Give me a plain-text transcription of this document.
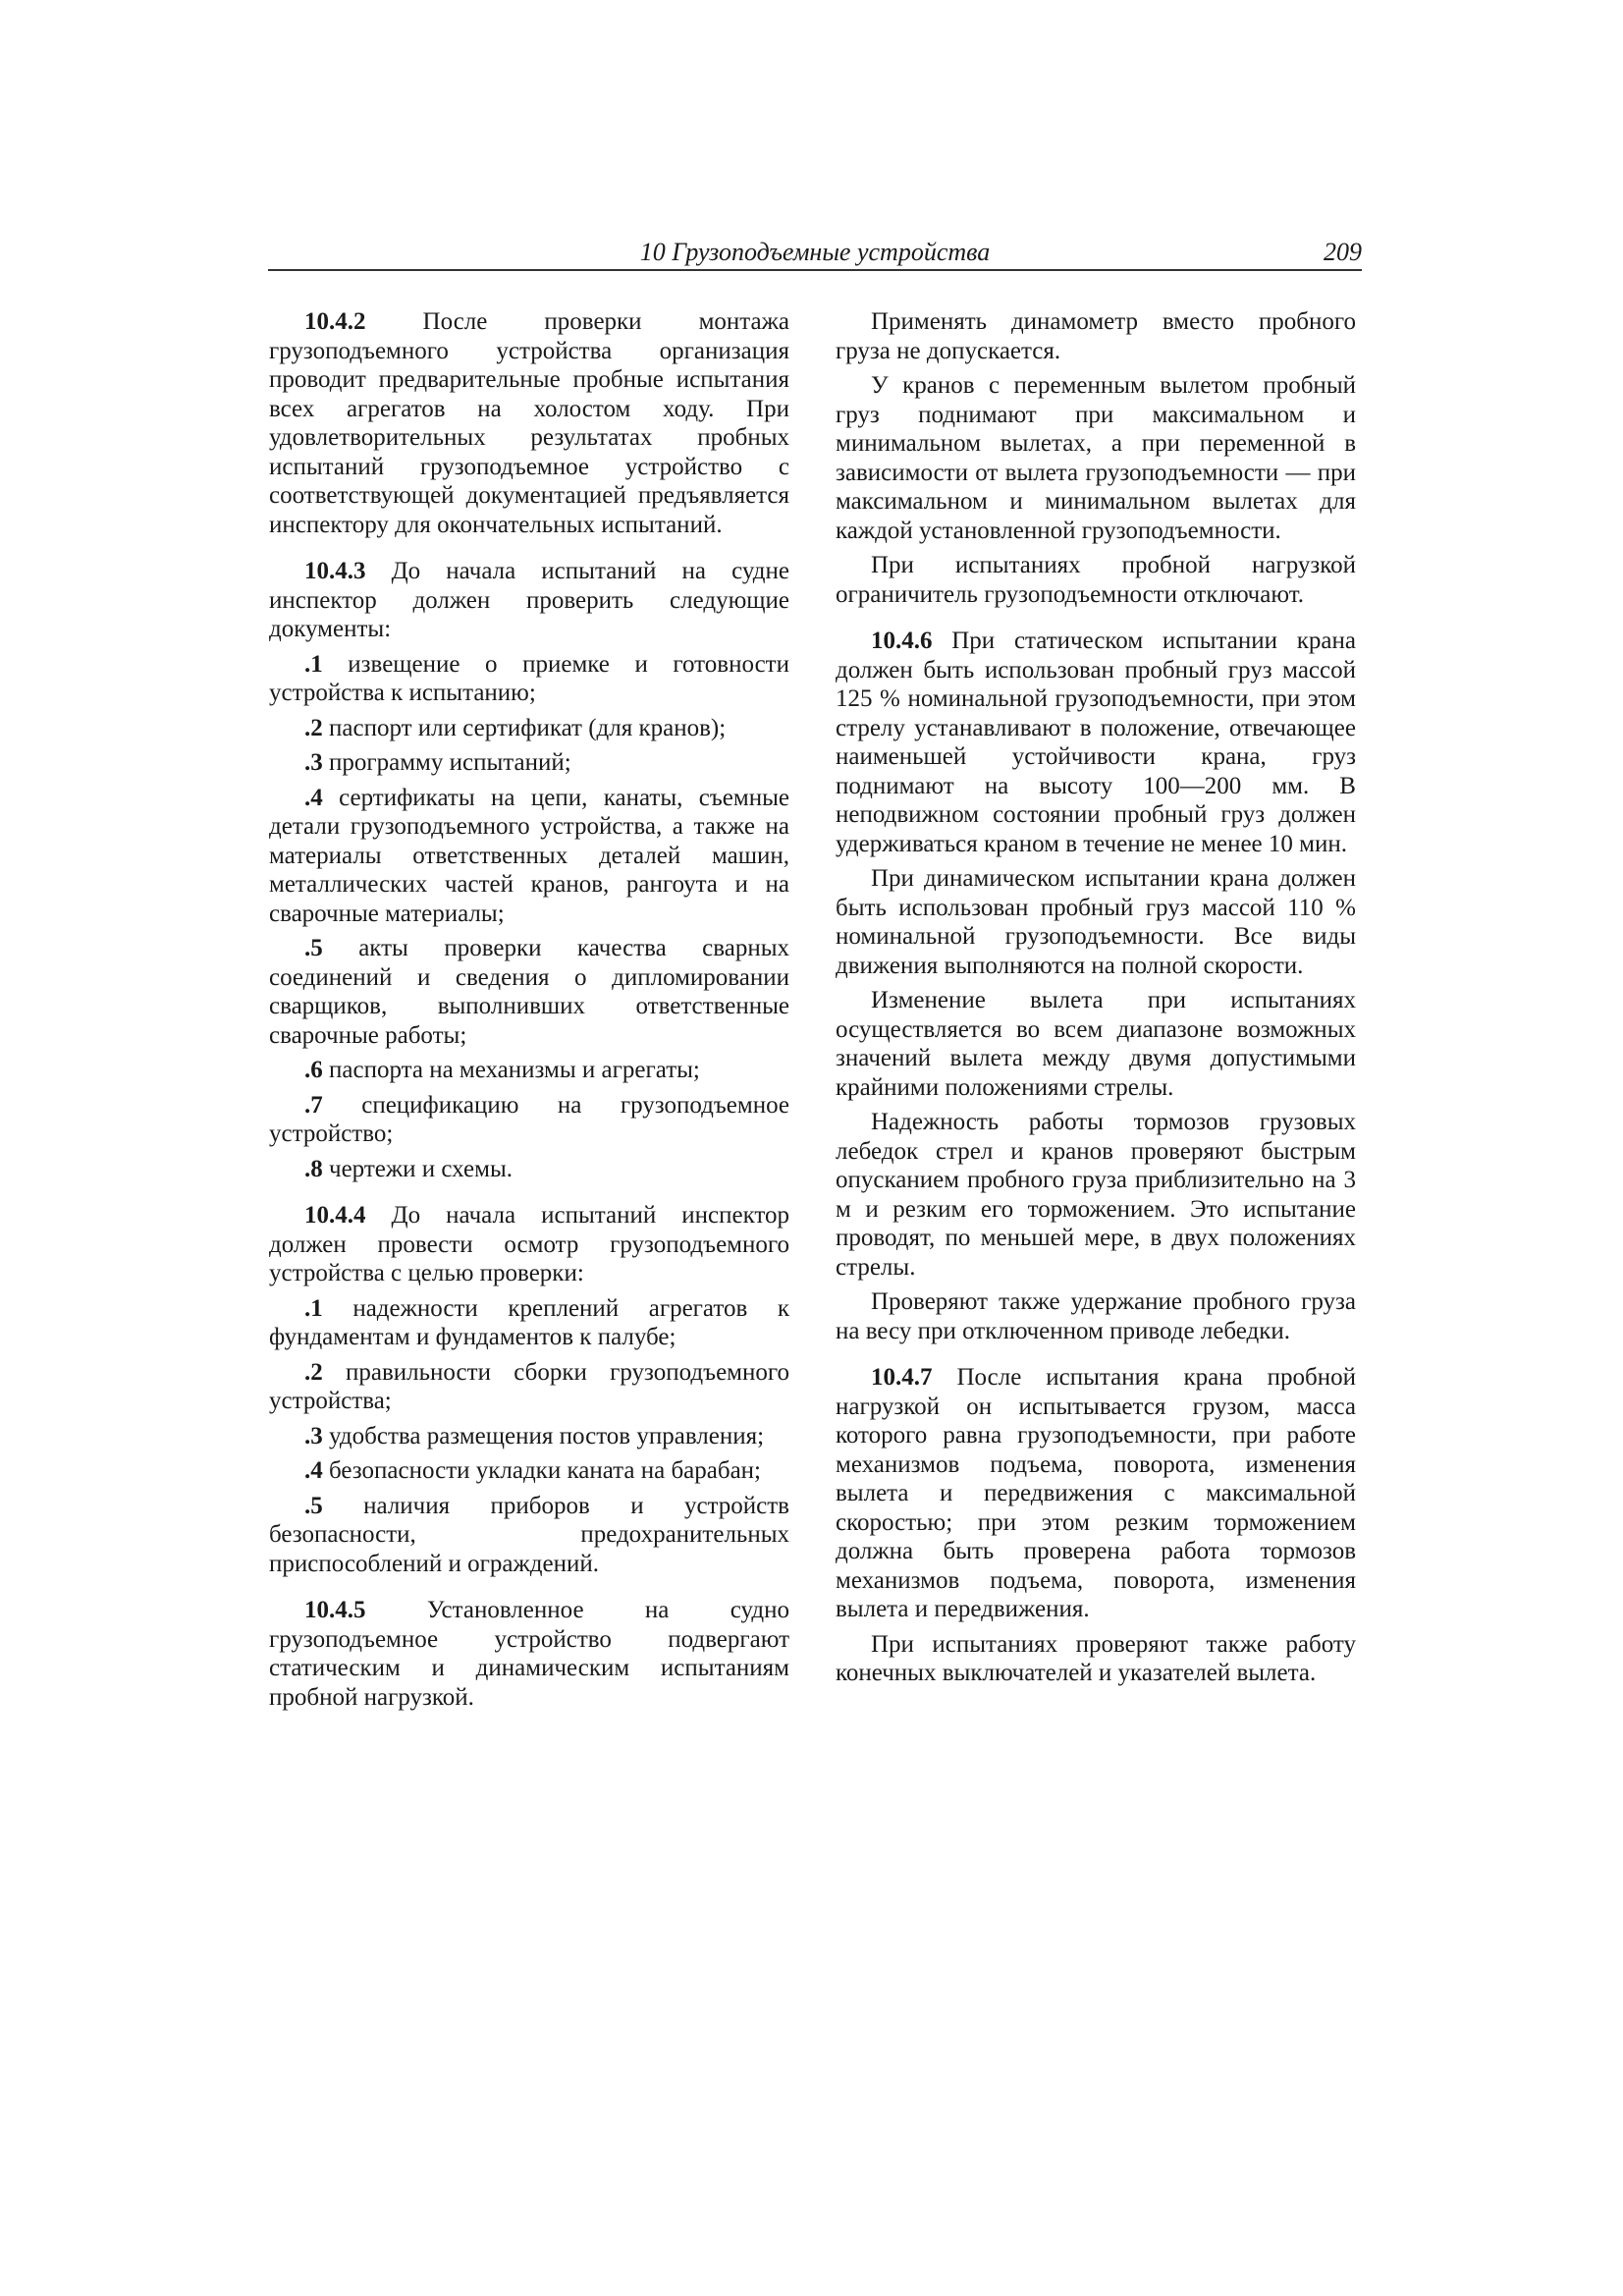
10 Грузоподъемные устройства	209

10.4.2 После проверки монтажа грузоподъемного устройства организация проводит предварительные пробные испытания всех агрегатов на холостом ходу. При удовлетворительных результатах пробных испытаний грузоподъемное устройство с соответствующей документацией предъявляется инспектору для окончательных испытаний.

10.4.3 До начала испытаний на судне инспектор должен проверить следующие документы:

.1 извещение о приемке и готовности устройства к испытанию;

.2 паспорт или сертификат (для кранов);

.3 программу испытаний;

.4 сертификаты на цепи, канаты, съемные детали грузоподъемного устройства, а также на материалы ответственных деталей машин, металлических частей кранов, рангоута и на сварочные материалы;

.5 акты проверки качества сварных соединений и сведения о дипломировании сварщиков, выполнивших ответственные сварочные работы;

.6 паспорта на механизмы и агрегаты;

.7 спецификацию на грузоподъемное устройство;

.8 чертежи и схемы.

10.4.4 До начала испытаний инспектор должен провести осмотр грузоподъемного устройства с целью проверки:

.1 надежности креплений агрегатов к фундаментам и фундаментов к палубе;

.2 правильности сборки грузоподъемного устройства;

.3 удобства размещения постов управления;

.4 безопасности укладки каната на барабан;

.5 наличия приборов и устройств безопасности, предохранительных приспособлений и ограждений.

10.4.5 Установленное на судно грузоподъемное устройство подвергают статическим и динамическим испытаниям пробной нагрузкой.

Применять динамометр вместо пробного груза не допускается.

У кранов с переменным вылетом пробный груз поднимают при максимальном и минимальном вылетах, а при переменной в зависимости от вылета грузоподъемности — при максимальном и минимальном вылетах для каждой установленной грузоподъемности.

При испытаниях пробной нагрузкой ограничитель грузоподъемности отключают.

10.4.6 При статическом испытании крана должен быть использован пробный груз массой 125 % номинальной грузоподъемности, при этом стрелу устанавливают в положение, отвечающее наименьшей устойчивости крана, груз поднимают на высоту 100—200 мм. В неподвижном состоянии пробный груз должен удерживаться краном в течение не менее 10 мин.

При динамическом испытании крана должен быть использован пробный груз массой 110 % номинальной грузоподъемности. Все виды движения выполняются на полной скорости.

Изменение вылета при испытаниях осуществляется во всем диапазоне возможных значений вылета между двумя допустимыми крайними положениями стрелы.

Надежность работы тормозов грузовых лебедок стрел и кранов проверяют быстрым опусканием пробного груза приблизительно на 3 м и резким его торможением. Это испытание проводят, по меньшей мере, в двух положениях стрелы.

Проверяют также удержание пробного груза на весу при отключенном приводе лебедки.

10.4.7 После испытания крана пробной нагрузкой он испытывается грузом, масса которого равна грузоподъемности, при работе механизмов подъема, поворота, изменения вылета и передвижения с максимальной скоростью; при этом резким торможением должна быть проверена работа тормозов механизмов подъема, поворота, изменения вылета и передвижения.

При испытаниях проверяют также работу конечных выключателей и указателей вылета.
